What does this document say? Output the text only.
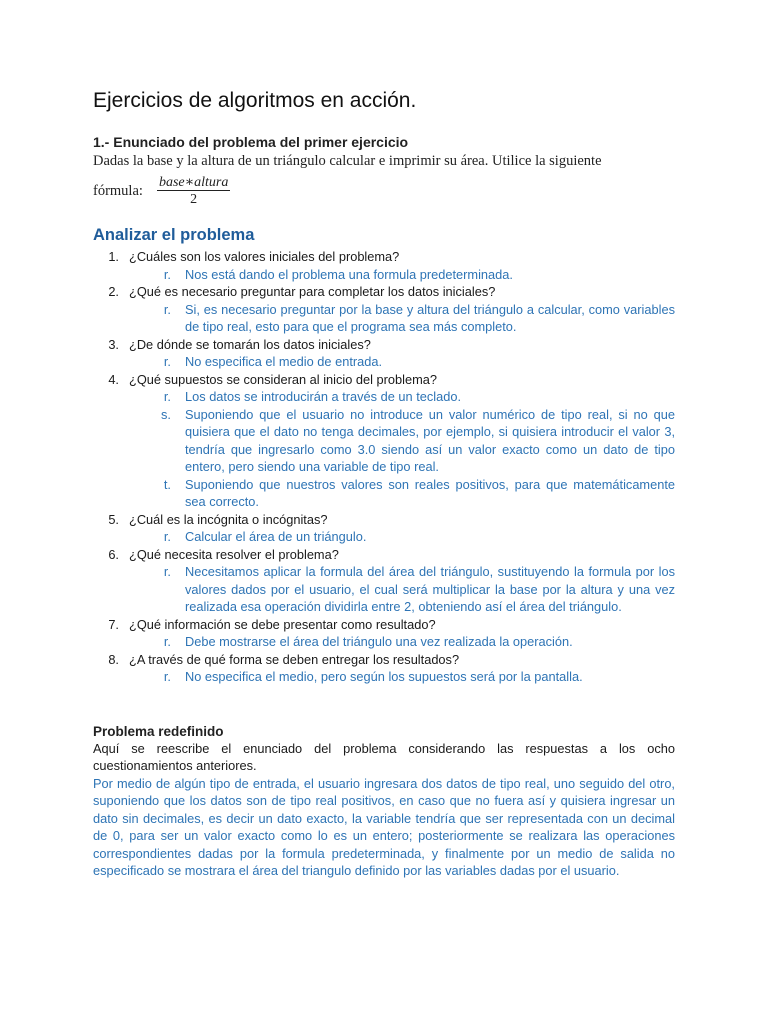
Ejercicios de algoritmos en acción.
1.- Enunciado del problema del primer ejercicio

Dadas la base y la altura de un triángulo calcular e imprimir su área. Utilice la siguiente

fórmula: $\frac{\text{base∗altura}}{2}$
Analizar el problema
1. ¿Cuáles son los valores iniciales del problema?
r.	Nos está dando el problema una formula predeterminada.
2. ¿Qué es necesario preguntar para completar los datos iniciales?
r.	Si, es necesario preguntar por la base y altura del triángulo a calcular, como variables de tipo real, esto para que el programa sea más completo.
3. ¿De dónde se tomarán los datos iniciales?
r.	No especifica el medio de entrada.
4. ¿Qué supuestos se consideran al inicio del problema?
r.	Los datos se introducirán a través de un teclado.
s.	Suponiendo que el usuario no introduce un valor numérico de tipo real, si no que quisiera que el dato no tenga decimales, por ejemplo, si quisiera introducir el valor 3, tendría que ingresarlo como 3.0 siendo así un valor exacto como un dato de tipo entero, pero siendo una variable de tipo real.
t.	Suponiendo que nuestros valores son reales positivos, para que matemáticamente sea correcto.
5. ¿Cuál es la incógnita o incógnitas?
r.	Calcular el área de un triángulo.
6. ¿Qué necesita resolver el problema?
r.	Necesitamos aplicar la formula del área del triángulo, sustituyendo la formula por los valores dados por el usuario, el cual será multiplicar la base por la altura y una vez realizada esa operación dividirla entre 2, obteniendo así el área del triángulo.
7. ¿Qué información se debe presentar como resultado?
r.	Debe mostrarse el área del triángulo una vez realizada la operación.
8. ¿A través de qué forma se deben entregar los resultados?
r.	No especifica el medio, pero según los supuestos será por la pantalla.
Problema redefinido

Aquí se reescribe el enunciado del problema considerando las respuestas a los ocho cuestionamientos anteriores.

Por medio de algún tipo de entrada, el usuario ingresara dos datos de tipo real, uno seguido del otro, suponiendo que los datos son de tipo real positivos, en caso que no fuera así y quisiera ingresar un dato sin decimales, es decir un dato exacto, la variable tendría que ser representada con un decimal de 0, para ser un valor exacto como lo es un entero; posteriormente se realizara las operaciones correspondientes dadas por la formula predeterminada, y finalmente por un medio de salida no especificado se mostrara el área del triangulo definido por las variables dadas por el usuario.
